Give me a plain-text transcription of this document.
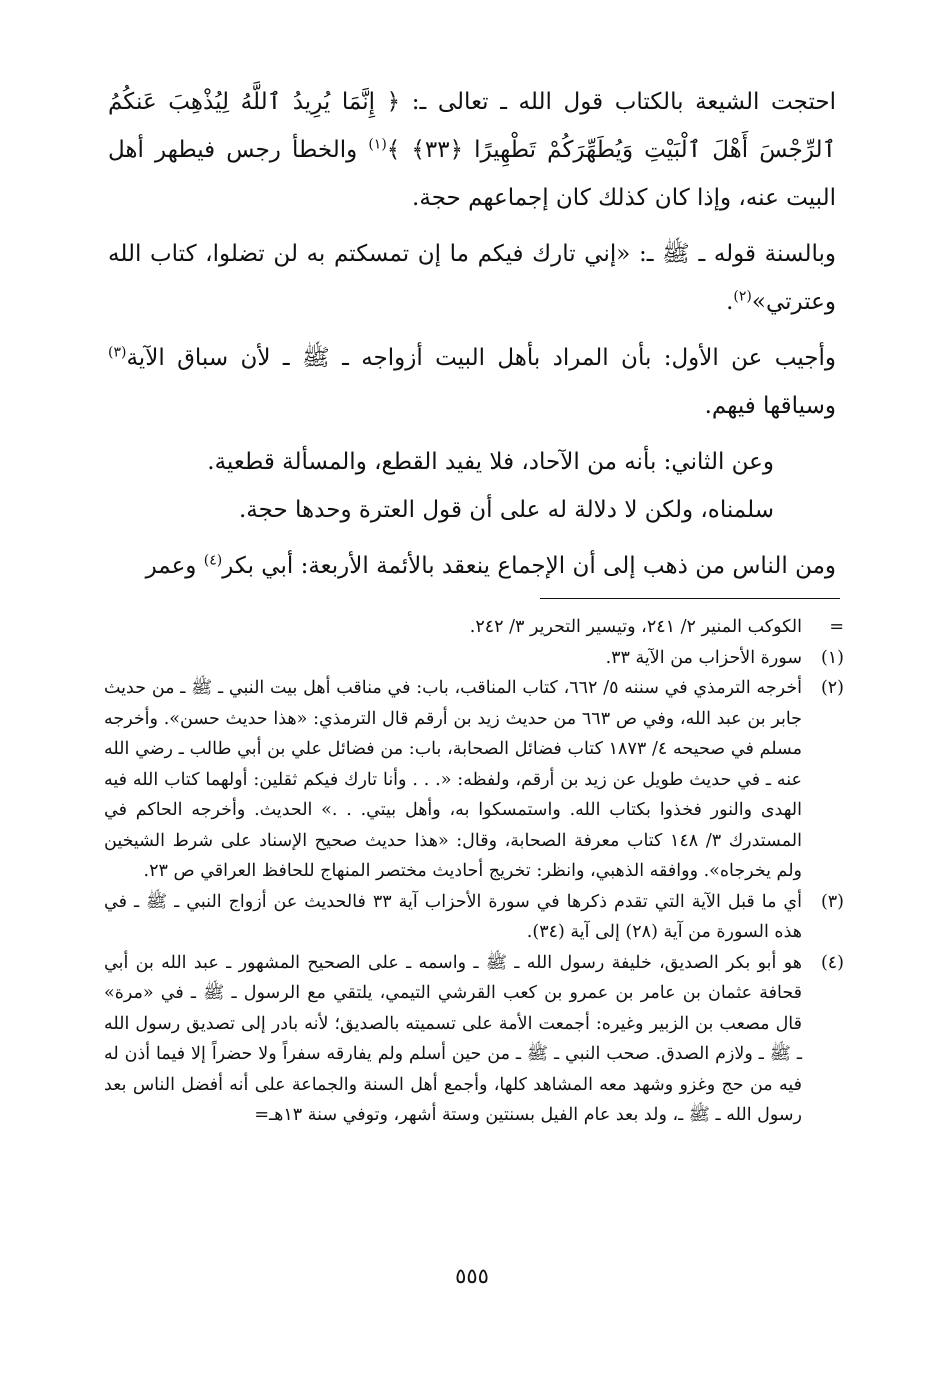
احتجت الشيعة بالكتاب قول الله ـ تعالى ـ: ﴿ إِنَّمَا يُرِيدُ ٱللَّهُ لِيُذْهِبَ عَنكُمُ ٱلرِّجْسَ أَهْلَ ٱلْبَيْتِ وَيُطَهِّرَكُمْ تَطْهِيرًا ﴿٣٣﴾ ﴾$^{(١)}$ والخطأ رجس فيطهر أهل البيت عنه، وإذا كان كذلك كان إجماعهم حجة.

وبالسنة قوله ـ ﷺ ـ: «إني تارك فيكم ما إن تمسكتم به لن تضلوا، كتاب الله وعترتي»$^{(٢)}$.

وأجيب عن الأول: بأن المراد بأهل البيت أزواجه ـ ﷺ ـ لأن سباق الآية$^{(٣)}$ وسياقها فيهم.

وعن الثاني: بأنه من الآحاد، فلا يفيد القطع، والمسألة قطعية.

سلمناه، ولكن لا دلالة له على أن قول العترة وحدها حجة.

ومن الناس من ذهب إلى أن الإجماع ينعقد بالأئمة الأربعة: أبي بكر$^{(٤)}$ وعمر

=
الكوكب المنير ٢/ ٢٤١، وتيسير التحرير ٣/ ٢٤٢.

(١)
سورة الأحزاب من الآية ٣٣.

(٢)
أخرجه الترمذي في سننه ٥/ ٦٦٢، كتاب المناقب، باب: في مناقب أهل بيت النبي ـ ﷺ ـ من حديث جابر بن عبد الله، وفي ص ٦٦٣ من حديث زيد بن أرقم قال الترمذي: «هذا حديث حسن». وأخرجه مسلم في صحيحه ٤/ ١٨٧٣ كتاب فضائل الصحابة، باب: من فضائل علي بن أبي طالب ـ رضي الله عنه ـ في حديث طويل عن زيد بن أرقم، ولفظه: «. . . وأنا تارك فيكم ثقلين: أولهما كتاب الله فيه الهدى والنور فخذوا بكتاب الله. واستمسكوا به، وأهل بيتي. . .» الحديث. وأخرجه الحاكم في المستدرك ٣/ ١٤٨ كتاب معرفة الصحابة، وقال: «هذا حديث صحيح الإسناد على شرط الشيخين ولم يخرجاه». ووافقه الذهبي، وانظر: تخريج أحاديث مختصر المنهاج للحافظ العراقي ص ٢٣.

(٣)
أي ما قبل الآية التي تقدم ذكرها في سورة الأحزاب آية ٣٣ فالحديث عن أزواج النبي ـ ﷺ ـ في هذه السورة من آية (٢٨) إلى آية (٣٤).

(٤)
هو أبو بكر الصديق، خليفة رسول الله ـ ﷺ ـ واسمه ـ على الصحيح المشهور ـ عبد الله بن أبي قحافة عثمان بن عامر بن عمرو بن كعب القرشي التيمي، يلتقي مع الرسول ـ ﷺ ـ في «مرة» قال مصعب بن الزبير وغيره: أجمعت الأمة على تسميته بالصديق؛ لأنه بادر إلى تصديق رسول الله ـ ﷺ ـ ولازم الصدق. صحب النبي ـ ﷺ ـ من حين أسلم ولم يفارقه سفراً ولا حضراً إلا فيما أذن له فيه من حج وغزو وشهد معه المشاهد كلها، وأجمع أهل السنة والجماعة على أنه أفضل الناس بعد رسول الله ـ ﷺ ـ، ولد بعد عام الفيل بسنتين وستة أشهر، وتوفي سنة ١٣هـ=

٥٥٥
